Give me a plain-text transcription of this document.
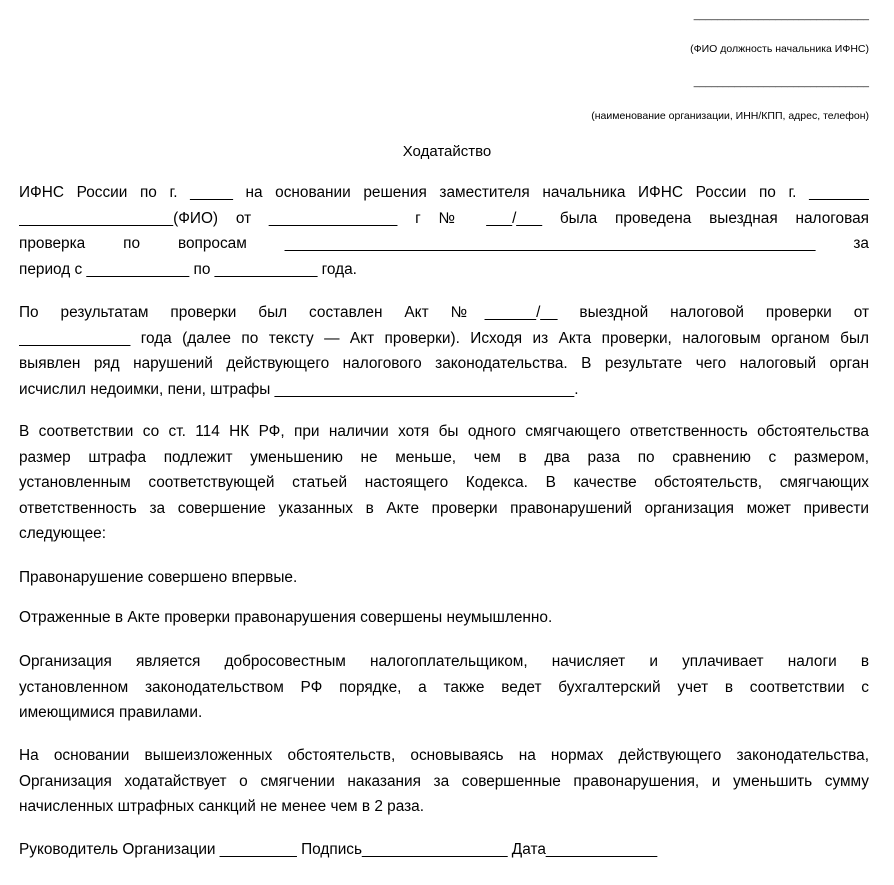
______________________________
(ФИО должность начальника ИФНС)
______________________________
(наименование организации, ИНН/КПП, адрес, телефон)
Ходатайство
ИФНС России по г. _____ на основании решения заместителя начальника ИФНС России по г. _______
__________________(ФИО) от _______________ г № ___/___ была проведена выездная налоговая
проверка по вопросам ______________________________________________________________ за
период с ____________ по ____________ года.
По результатам проверки был составлен Акт №______/__ выездной налоговой проверки от
_____________ года (далее по тексту — Акт проверки). Исходя из Акта проверки, налоговым органом был
выявлен ряд нарушений действующего налогового законодательства. В результате чего налоговый орган
исчислил недоимки, пени, штрафы ___________________________________.
В соответствии со ст. 114 НК РФ, при наличии хотя бы одного смягчающего ответственность обстоятельства
размер штрафа подлежит уменьшению не меньше, чем в два раза по сравнению с размером,
установленным соответствующей статьей настоящего Кодекса. В качестве обстоятельств, смягчающих
ответственность за совершение указанных в Акте проверки правонарушений организация может привести
следующее:
Правонарушение совершено впервые.
Отраженные в Акте проверки правонарушения совершены неумышленно.
Организация является добросовестным налогоплательщиком, начисляет и уплачивает налоги в
установленном законодательством РФ порядке, а также ведет бухгалтерский учет в соответствии с
имеющимися правилами.
На основании вышеизложенных обстоятельств, основываясь на нормах действующего законодательства,
Организация ходатайствует о смягчении наказания за совершенные правонарушения, и уменьшить сумму
начисленных штрафных санкций не менее чем в 2 раза.
Руководитель Организации _________ Подпись_________________ Дата_____________
